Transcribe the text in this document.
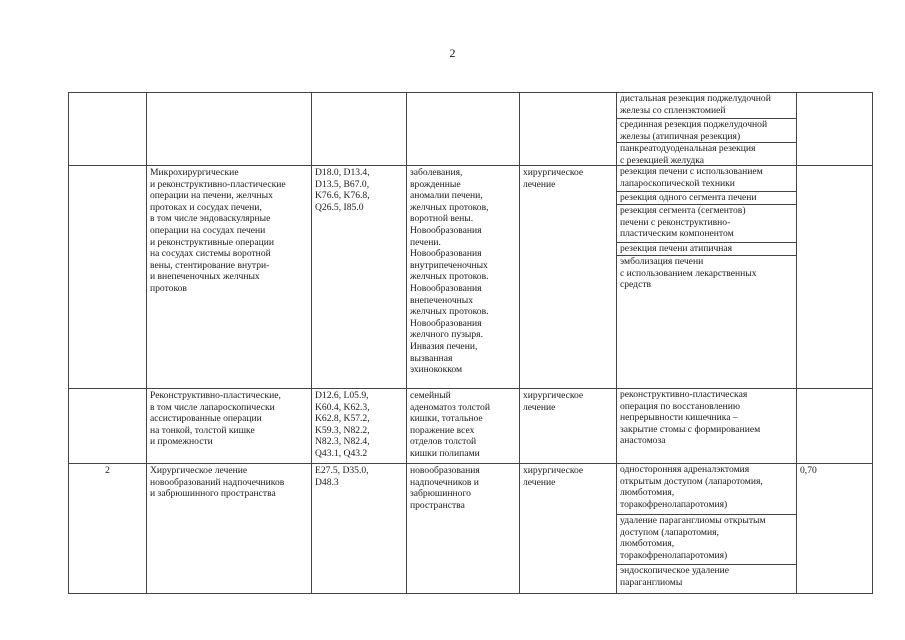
2

дистальная резекция поджелудочной
железы со спленэктомией

срединная резекция поджелудочной
железы (атипичная резекция)

панкреатодуоденальная резекция
с резекцией желудка

Микрохирургические
и реконструктивно-пластические
операции на печени, желчных
протоках и сосудах печени,
в том числе эндоваскулярные
операции на сосудах печени
и реконструктивные операции
на сосудах системы воротной
вены, стентирование внутри-
и внепеченочных желчных
протоков
D18.0, D13.4,
D13.5, B67.0,
K76.6, K76.8,
Q26.5, I85.0
заболевания,
врожденные
аномалии печени,
желчных протоков,
воротной вены.
Новообразования
печени.
Новообразования
внутрипеченочных
желчных протоков.
Новообразования
внепеченочных
желчных протоков.
Новообразования
желчного пузыря.
Инвазия печени,
вызванная
эхинококком
хирургическое
лечение

резекция печени с использованием
лапароскопической техники

резекция одного сегмента печени

резекция сегмента (сегментов)
печени с реконструктивно-
пластическим компонентом

резекция печени атипичная

эмболизация печени
с использованием лекарственных
средств

Реконструктивно-пластические,
в том числе лапароскопически
ассистированные операции
на тонкой, толстой кишке
и промежности
D12.6, L05.9,
K60.4, K62.3,
K62.8, K57.2,
K59.3, N82.2,
N82.3, N82.4,
Q43.1, Q43.2
семейный
аденоматоз толстой
кишки, тотальное
поражение всех
отделов толстой
кишки полипами
хирургическое
лечение

реконструктивно-пластическая
операция по восстановлению
непрерывности кишечника –
закрытие стомы с формированием
анастомоза

2	Хирургическое лечение
новообразований надпочечников
и забрюшинного пространства
E27.5, D35.0,
D48.3
новообразования
надпочечников и
забрюшинного
пространства
хирургическое
лечение

односторонняя адреналэктомия
открытым доступом (лапаротомия,
люмботомия,
торакофренолапаротомия)

удаление параганглиомы открытым
доступом (лапаротомия,
люмботомия,
торакофренолапаротомия)

эндоскопическое удаление
параганглиомы

0,70
